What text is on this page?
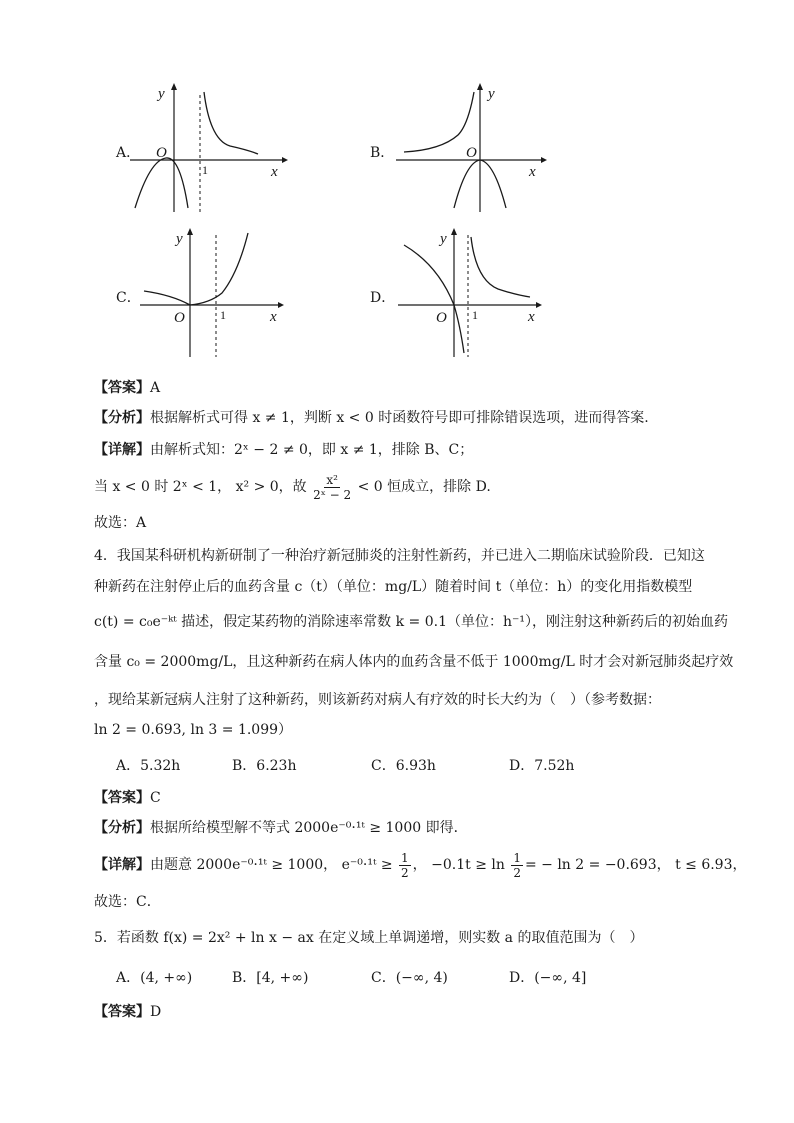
A．
y
O
1	x
B．
y
O
x
C．
y
O	1	x
D．
y
O 1	x
【答案】A
【分析】根据解析式可得 x ≠ 1，判断 x < 0 时函数符号即可排除错误选项，进而得答案.
【详解】由解析式知：2ˣ − 2 ≠ 0，即 x ≠ 1，排除 B、C；
当 x < 0 时 2ˣ < 1， x² > 0，故 $\frac{\text{x²}}{\text{2ˣ − 2}} < 0$ 恒成立，排除 D.
故选：A
4．我国某科研机构新研制了一种治疗新冠肺炎的注射性新药，并已进入二期临床试验阶段．已知这
种新药在注射停止后的血药含量 c（t）（单位：mg/L）随着时间 t（单位：h）的变化用指数模型
c(t) = c₀e⁻ᵏᵗ 描述，假定某药物的消除速率常数 k = 0.1（单位：h⁻¹），刚注射这种新药后的初始血药
含量 c₀ = 2000mg/L，且这种新药在病人体内的血药含量不低于 1000mg/L 时才会对新冠肺炎起疗效
，现给某新冠病人注射了这种新药，则该新药对病人有疗效的时长大约为（　）（参考数据：
ln 2 = 0.693, ln 3 = 1.099）
A．5.32h	B．6.23h	C．6.93h	D．7.52h
【答案】C
【分析】根据所给模型解不等式 2000e⁻⁰·¹ᵗ ≥ 1000 即得．
【详解】由题意 2000e⁻⁰·¹ᵗ ≥ 1000， e⁻⁰·¹ᵗ ≥ $\frac{1}{2}$ ， $-0.1t \ge \ln \frac{1}{2}$ = − ln 2 = −0.693， t ≤ 6.93，
故选：C．
5．若函数 f(x) = 2x² + ln x − ax 在定义域上单调递增，则实数 a 的取值范围为（　）
A．(4, +∞)	B．[4, +∞)	C．(−∞, 4)	D．(−∞, 4]
【答案】D
